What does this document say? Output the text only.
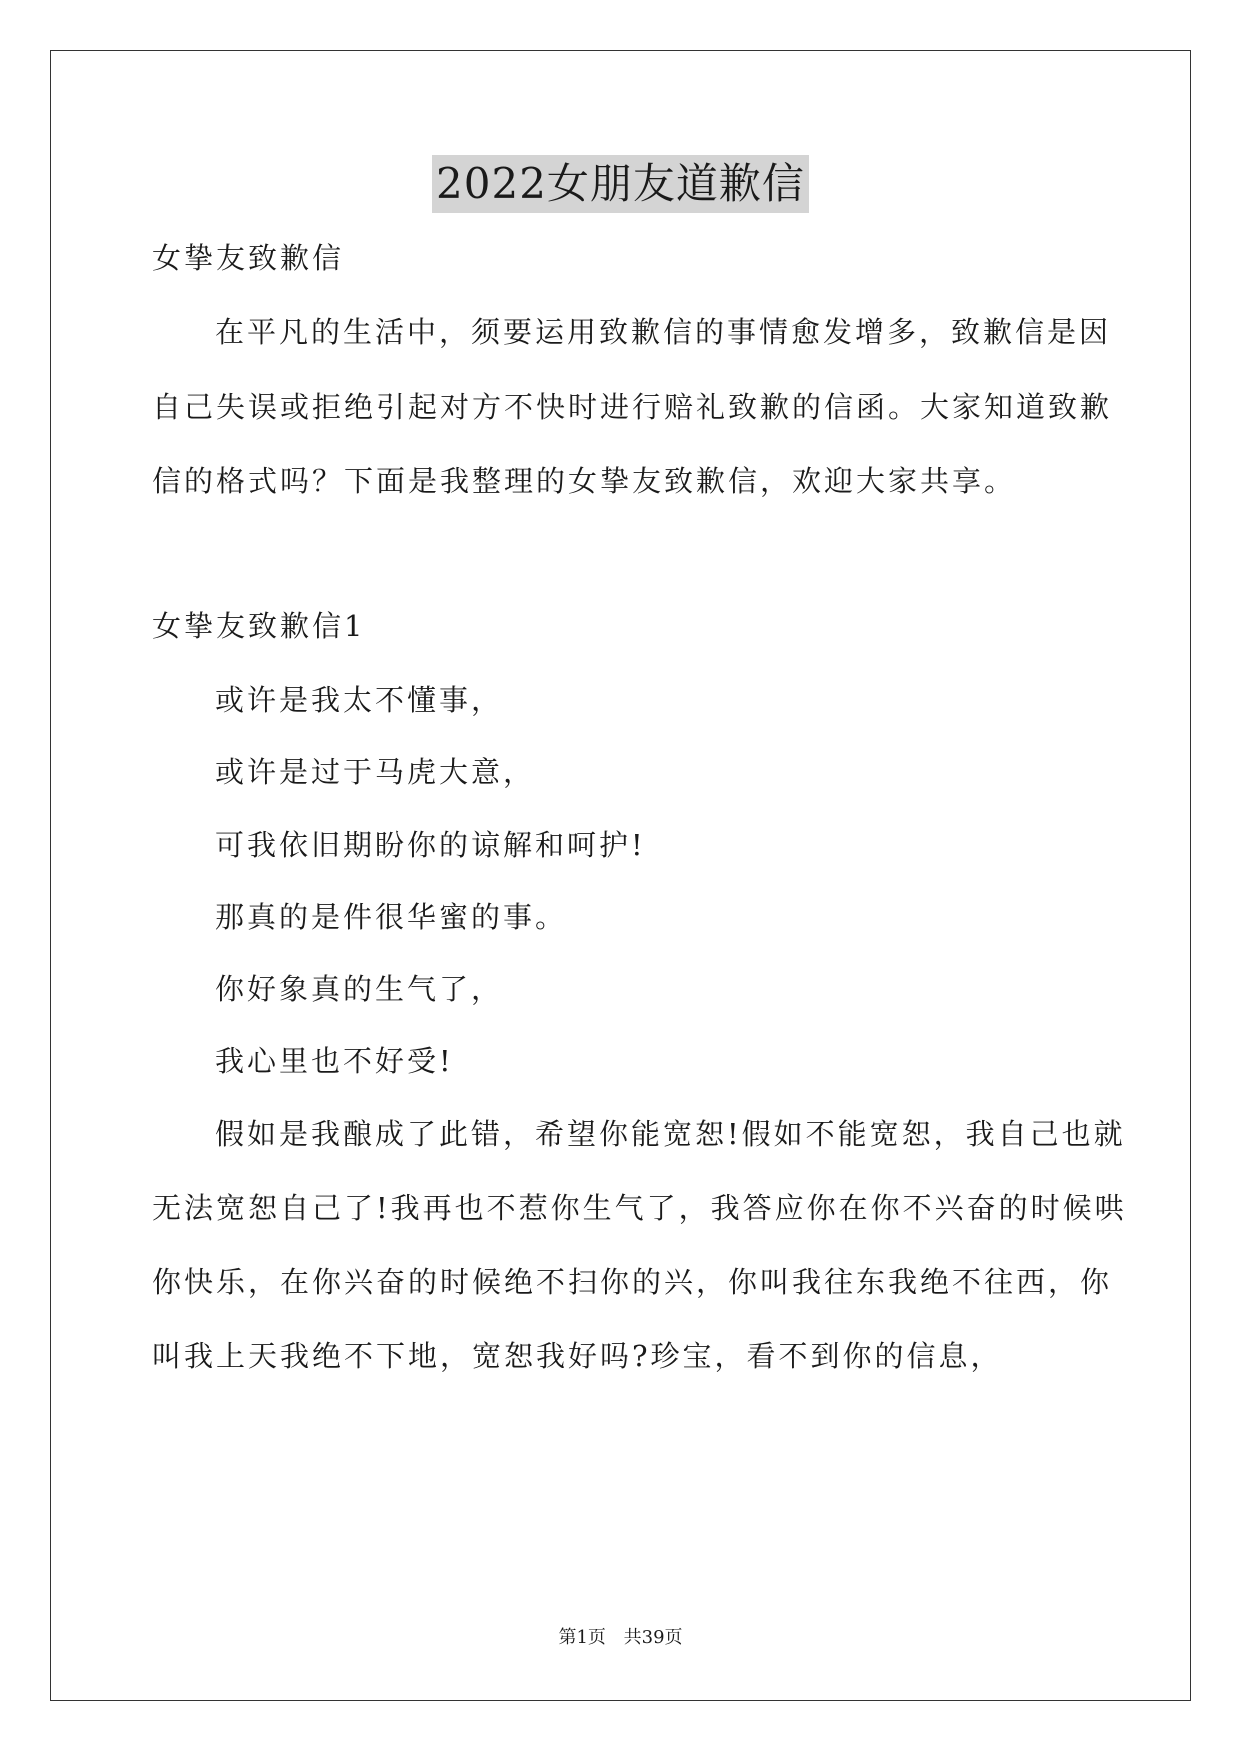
2022女朋友道歉信
女挚友致歉信
在平凡的生活中，须要运用致歉信的事情愈发增多，致歉信是因
自己失误或拒绝引起对方不快时进行赔礼致歉的信函。大家知道致歉
信的格式吗？下面是我整理的女挚友致歉信，欢迎大家共享。
女挚友致歉信1
或许是我太不懂事，
或许是过于马虎大意，
可我依旧期盼你的谅解和呵护!
那真的是件很华蜜的事。
你好象真的生气了，
我心里也不好受!
假如是我酿成了此错，希望你能宽恕!假如不能宽恕，我自己也就
无法宽恕自己了!我再也不惹你生气了，我答应你在你不兴奋的时候哄
你快乐，在你兴奋的时候绝不扫你的兴，你叫我往东我绝不往西，你
叫我上天我绝不下地，宽恕我好吗?珍宝，看不到你的信息，
第1页 共39页
